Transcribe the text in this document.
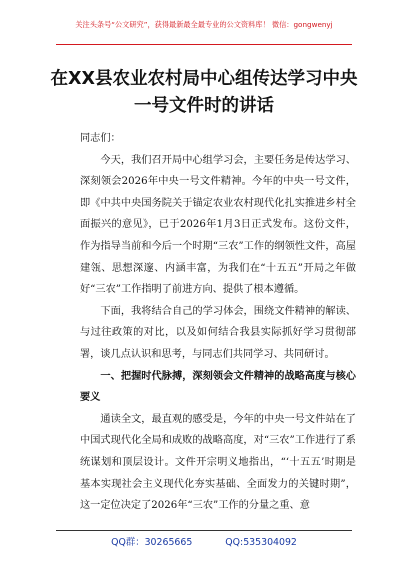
关注头条号“公文研究”，获得最新最全最专业的公文资料库！ 微信：gongwenyj
在XX县农业农村局中心组传达学习中央一号文件时的讲话

同志们：

今天，我们召开局中心组学习会，主要任务是传达学习、深刻领会2026年中央一号文件精神。今年的中央一号文件，即《中共中央国务院关于锚定农业农村现代化扎实推进乡村全面振兴的意见》，已于2026年1月3日正式发布。这份文件，作为指导当前和今后一个时期“三农”工作的纲领性文件，高屋建瓴、思想深邃、内涵丰富，为我们在“十五五”开局之年做好“三农”工作指明了前进方向、提供了根本遵循。

下面，我将结合自己的学习体会，围绕文件精神的解读、与过往政策的对比，以及如何结合我县实际抓好学习贯彻部署，谈几点认识和思考，与同志们共同学习、共同研讨。

一、把握时代脉搏，深刻领会文件精神的战略高度与核心要义

通读全文，最直观的感受是，今年的中央一号文件站在了中国式现代化全局和成败的战略高度，对“三农”工作进行了系统谋划和顶层设计。文件开宗明义地指出，“‘十五五’时期是基本实现社会主义现代化夯实基础、全面发力的关键时期”，这一定位决定了2026年“三农”工作的分量之重、意

QQ群：30265665	QQ:535304092
